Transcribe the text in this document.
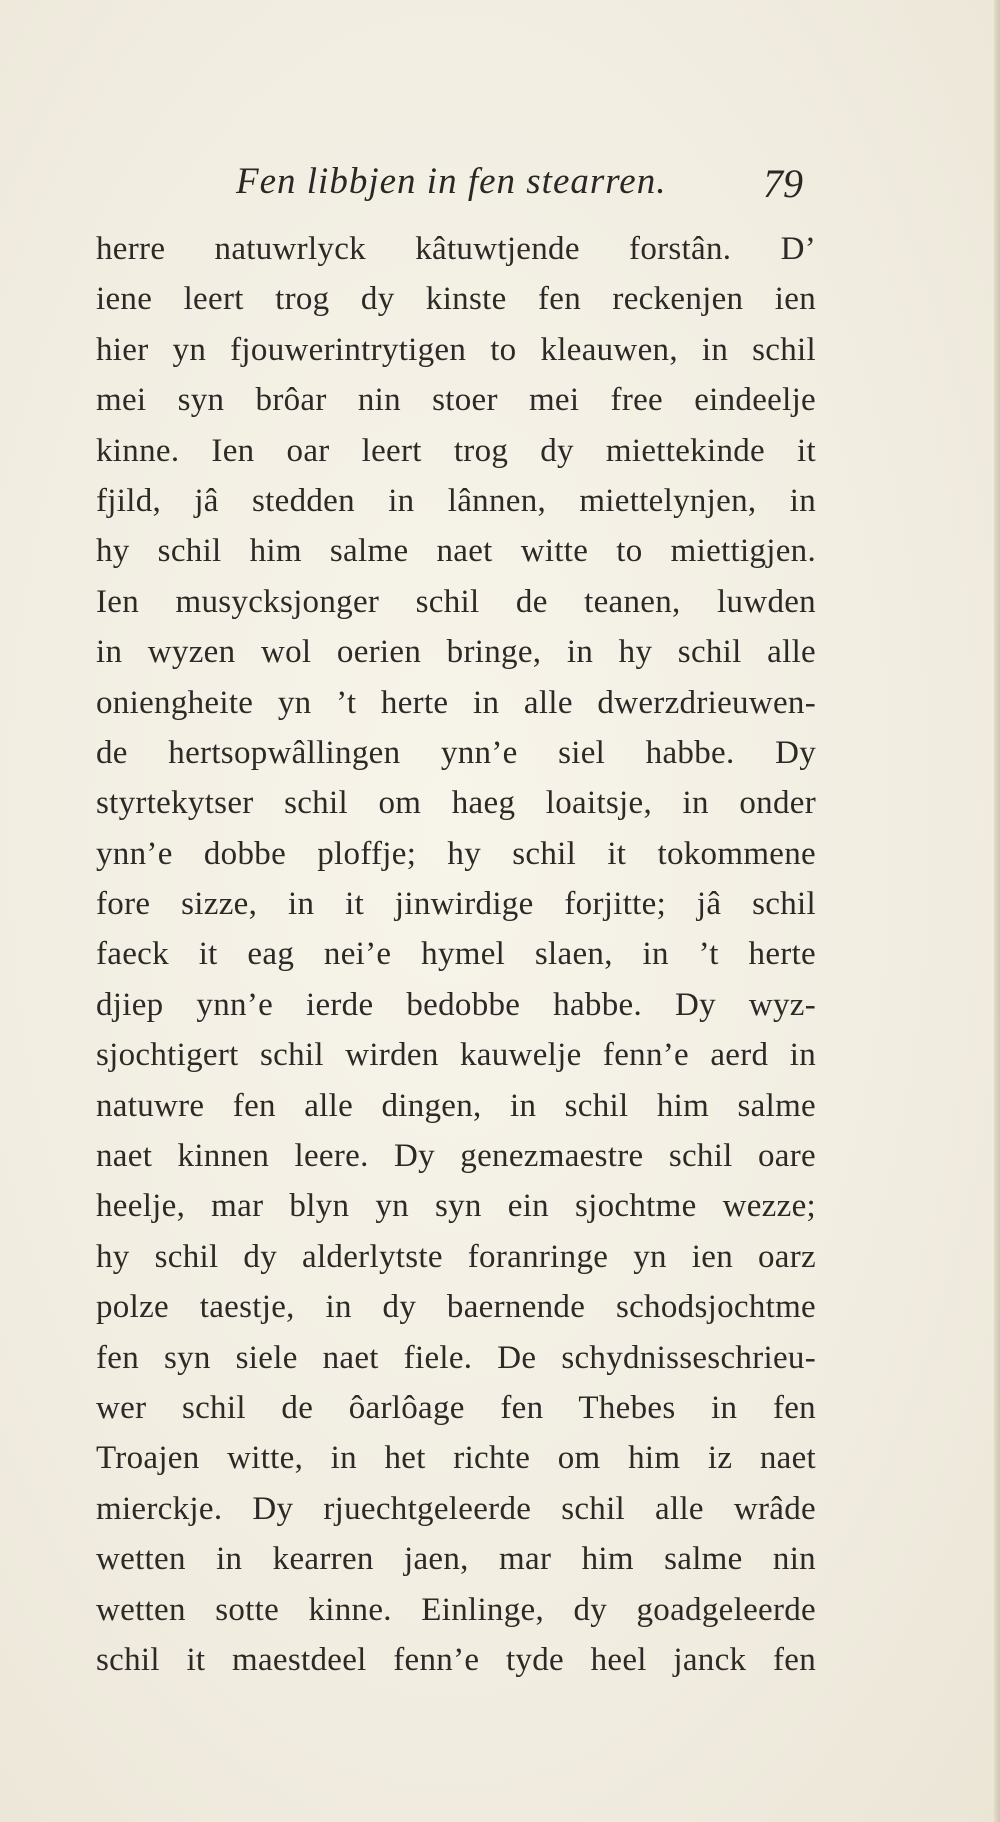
Fen libbjen in fen stearren. 79
herre natuwrlyck kâtuwtjende forstân. D’
iene leert trog dy kinste fen reckenjen ien
hier yn fjouwerintrytigen to kleauwen, in schil
mei syn brôar nin stoer mei free eindeelje
kinne. Ien oar leert trog dy miettekinde it
fjild, jâ stedden in lânnen, miettelynjen, in
hy schil him salme naet witte to miettigjen.
Ien musycksjonger schil de teanen, luwden
in wyzen wol oerien bringe, in hy schil alle
oniengheite yn ’t herte in alle dwerzdrieuwen-
de hertsopwâllingen ynn’e siel habbe. Dy
styrtekytser schil om haeg loaitsje, in onder
ynn’e dobbe ploffje; hy schil it tokommene
fore sizze, in it jinwirdige forjitte; jâ schil
faeck it eag nei’e hymel slaen, in ’t herte
djiep ynn’e ierde bedobbe habbe. Dy wyz-
sjochtigert schil wirden kauwelje fenn’e aerd in
natuwre fen alle dingen, in schil him salme
naet kinnen leere. Dy genezmaestre schil oare
heelje, mar blyn yn syn ein sjochtme wezze;
hy schil dy alderlytste foranringe yn ien oarz
polze taestje, in dy baernende schodsjochtme
fen syn siele naet fiele. De schydnisseschrieu-
wer schil de ôarlôage fen Thebes in fen
Troajen witte, in het richte om him iz naet
mierckje. Dy rjuechtgeleerde schil alle wrâde
wetten in kearren jaen, mar him salme nin
wetten sotte kinne. Einlinge, dy goadgeleerde
schil it maestdeel fenn’e tyde heel janck fen
